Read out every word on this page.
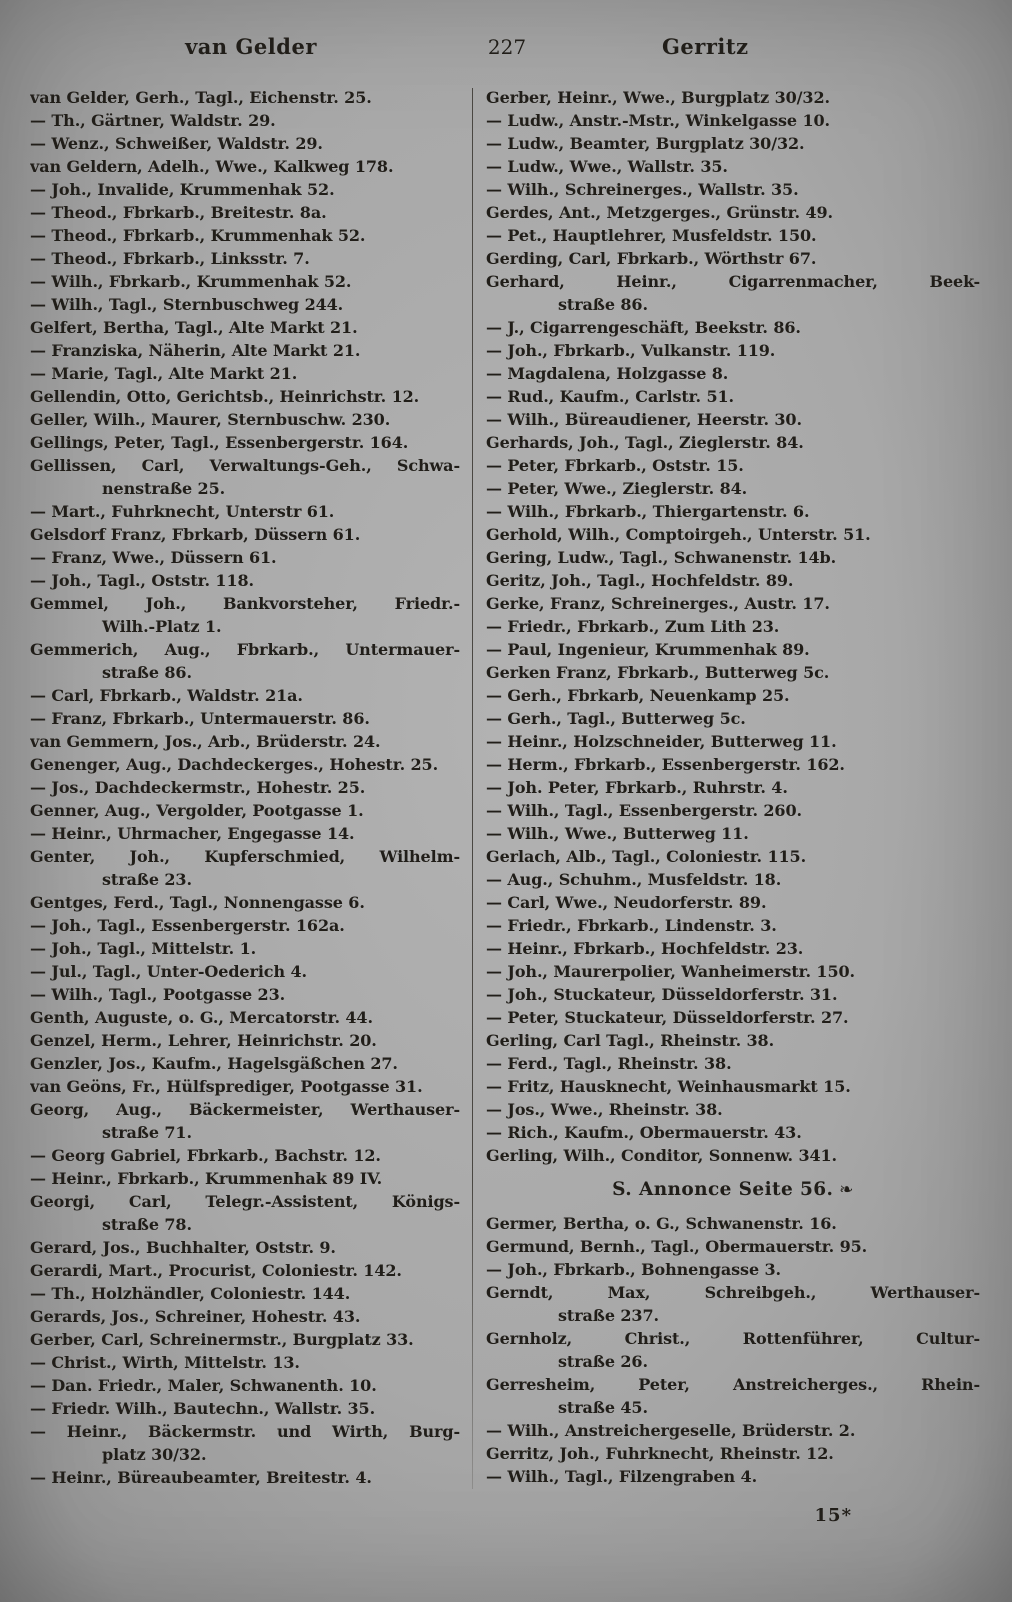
van Gelder	227	Gerritz
van Gelder, Gerh., Tagl., Eichenstr. 25.
— Th., Gärtner, Waldstr. 29.
— Wenz., Schweißer, Waldstr. 29.
van Geldern, Adelh., Wwe., Kalkweg 178.
— Joh., Invalide, Krummenhak 52.
— Theod., Fbrkarb., Breitestr. 8a.
— Theod., Fbrkarb., Krummenhak 52.
— Theod., Fbrkarb., Linksstr. 7.
— Wilh., Fbrkarb., Krummenhak 52.
— Wilh., Tagl., Sternbuschweg 244.
Gelfert, Bertha, Tagl., Alte Markt 21.
— Franziska, Näherin, Alte Markt 21.
— Marie, Tagl., Alte Markt 21.
Gellendin, Otto, Gerichtsb., Heinrichstr. 12.
Geller, Wilh., Maurer, Sternbuschw. 230.
Gellings, Peter, Tagl., Essenbergerstr. 164.
Gellissen, Carl, Verwaltungs-Geh., Schwa-
nenstraße 25.
— Mart., Fuhrknecht, Unterstr 61.
Gelsdorf Franz, Fbrkarb, Düssern 61.
— Franz, Wwe., Düssern 61.
— Joh., Tagl., Oststr. 118.
Gemmel, Joh., Bankvorsteher, Friedr.-
Wilh.-Platz 1.
Gemmerich, Aug., Fbrkarb., Untermauer-
straße 86.
— Carl, Fbrkarb., Waldstr. 21a.
— Franz, Fbrkarb., Untermauerstr. 86.
van Gemmern, Jos., Arb., Brüderstr. 24.
Genenger, Aug., Dachdeckerges., Hohestr. 25.
— Jos., Dachdeckermstr., Hohestr. 25.
Genner, Aug., Vergolder, Pootgasse 1.
— Heinr., Uhrmacher, Engegasse 14.
Genter, Joh., Kupferschmied, Wilhelm-
straße 23.
Gentges, Ferd., Tagl., Nonnengasse 6.
— Joh., Tagl., Essenbergerstr. 162a.
— Joh., Tagl., Mittelstr. 1.
— Jul., Tagl., Unter-Oederich 4.
— Wilh., Tagl., Pootgasse 23.
Genth, Auguste, o. G., Mercatorstr. 44.
Genzel, Herm., Lehrer, Heinrichstr. 20.
Genzler, Jos., Kaufm., Hagelsgäßchen 27.
van Geöns, Fr., Hülfsprediger, Pootgasse 31.
Georg, Aug., Bäckermeister, Werthauser-
straße 71.
— Georg Gabriel, Fbrkarb., Bachstr. 12.
— Heinr., Fbrkarb., Krummenhak 89 IV.
Georgi, Carl, Telegr.-Assistent, Königs-
straße 78.
Gerard, Jos., Buchhalter, Oststr. 9.
Gerardi, Mart., Procurist, Coloniestr. 142.
— Th., Holzhändler, Coloniestr. 144.
Gerards, Jos., Schreiner, Hohestr. 43.
Gerber, Carl, Schreinermstr., Burgplatz 33.
— Christ., Wirth, Mittelstr. 13.
— Dan. Friedr., Maler, Schwanenth. 10.
— Friedr. Wilh., Bautechn., Wallstr. 35.
— Heinr., Bäckermstr. und Wirth, Burg-
platz 30/32.
— Heinr., Büreaubeamter, Breitestr. 4.
Gerber, Heinr., Wwe., Burgplatz 30/32.
— Ludw., Anstr.-Mstr., Winkelgasse 10.
— Ludw., Beamter, Burgplatz 30/32.
— Ludw., Wwe., Wallstr. 35.
— Wilh., Schreinerges., Wallstr. 35.
Gerdes, Ant., Metzgerges., Grünstr. 49.
— Pet., Hauptlehrer, Musfeldstr. 150.
Gerding, Carl, Fbrkarb., Wörthstr 67.
Gerhard, Heinr., Cigarrenmacher, Beek-
straße 86.
— J., Cigarrengeschäft, Beekstr. 86.
— Joh., Fbrkarb., Vulkanstr. 119.
— Magdalena, Holzgasse 8.
— Rud., Kaufm., Carlstr. 51.
— Wilh., Büreaudiener, Heerstr. 30.
Gerhards, Joh., Tagl., Zieglerstr. 84.
— Peter, Fbrkarb., Oststr. 15.
— Peter, Wwe., Zieglerstr. 84.
— Wilh., Fbrkarb., Thiergartenstr. 6.
Gerhold, Wilh., Comptoirgeh., Unterstr. 51.
Gering, Ludw., Tagl., Schwanenstr. 14b.
Geritz, Joh., Tagl., Hochfeldstr. 89.
Gerke, Franz, Schreinerges., Austr. 17.
— Friedr., Fbrkarb., Zum Lith 23.
— Paul, Ingenieur, Krummenhak 89.
Gerken Franz, Fbrkarb., Butterweg 5c.
— Gerh., Fbrkarb, Neuenkamp 25.
— Gerh., Tagl., Butterweg 5c.
— Heinr., Holzschneider, Butterweg 11.
— Herm., Fbrkarb., Essenbergerstr. 162.
— Joh. Peter, Fbrkarb., Ruhrstr. 4.
— Wilh., Tagl., Essenbergerstr. 260.
— Wilh., Wwe., Butterweg 11.
Gerlach, Alb., Tagl., Coloniestr. 115.
— Aug., Schuhm., Musfeldstr. 18.
— Carl, Wwe., Neudorferstr. 89.
— Friedr., Fbrkarb., Lindenstr. 3.
— Heinr., Fbrkarb., Hochfeldstr. 23.
— Joh., Maurerpolier, Wanheimerstr. 150.
— Joh., Stuckateur, Düsseldorferstr. 31.
— Peter, Stuckateur, Düsseldorferstr. 27.
Gerling, Carl Tagl., Rheinstr. 38.
— Ferd., Tagl., Rheinstr. 38.
— Fritz, Hausknecht, Weinhausmarkt 15.
— Jos., Wwe., Rheinstr. 38.
— Rich., Kaufm., Obermauerstr. 43.
Gerling, Wilh., Conditor, Sonnenw. 341.
S. Annonce Seite 56. ❧
Germer, Bertha, o. G., Schwanenstr. 16.
Germund, Bernh., Tagl., Obermauerstr. 95.
— Joh., Fbrkarb., Bohnengasse 3.
Gerndt, Max, Schreibgeh., Werthauser-
straße 237.
Gernholz, Christ., Rottenführer, Cultur-
straße 26.
Gerresheim, Peter, Anstreicherges., Rhein-
straße 45.
— Wilh., Anstreichergeselle, Brüderstr. 2.
Gerritz, Joh., Fuhrknecht, Rheinstr. 12.
— Wilh., Tagl., Filzengraben 4.
15*
